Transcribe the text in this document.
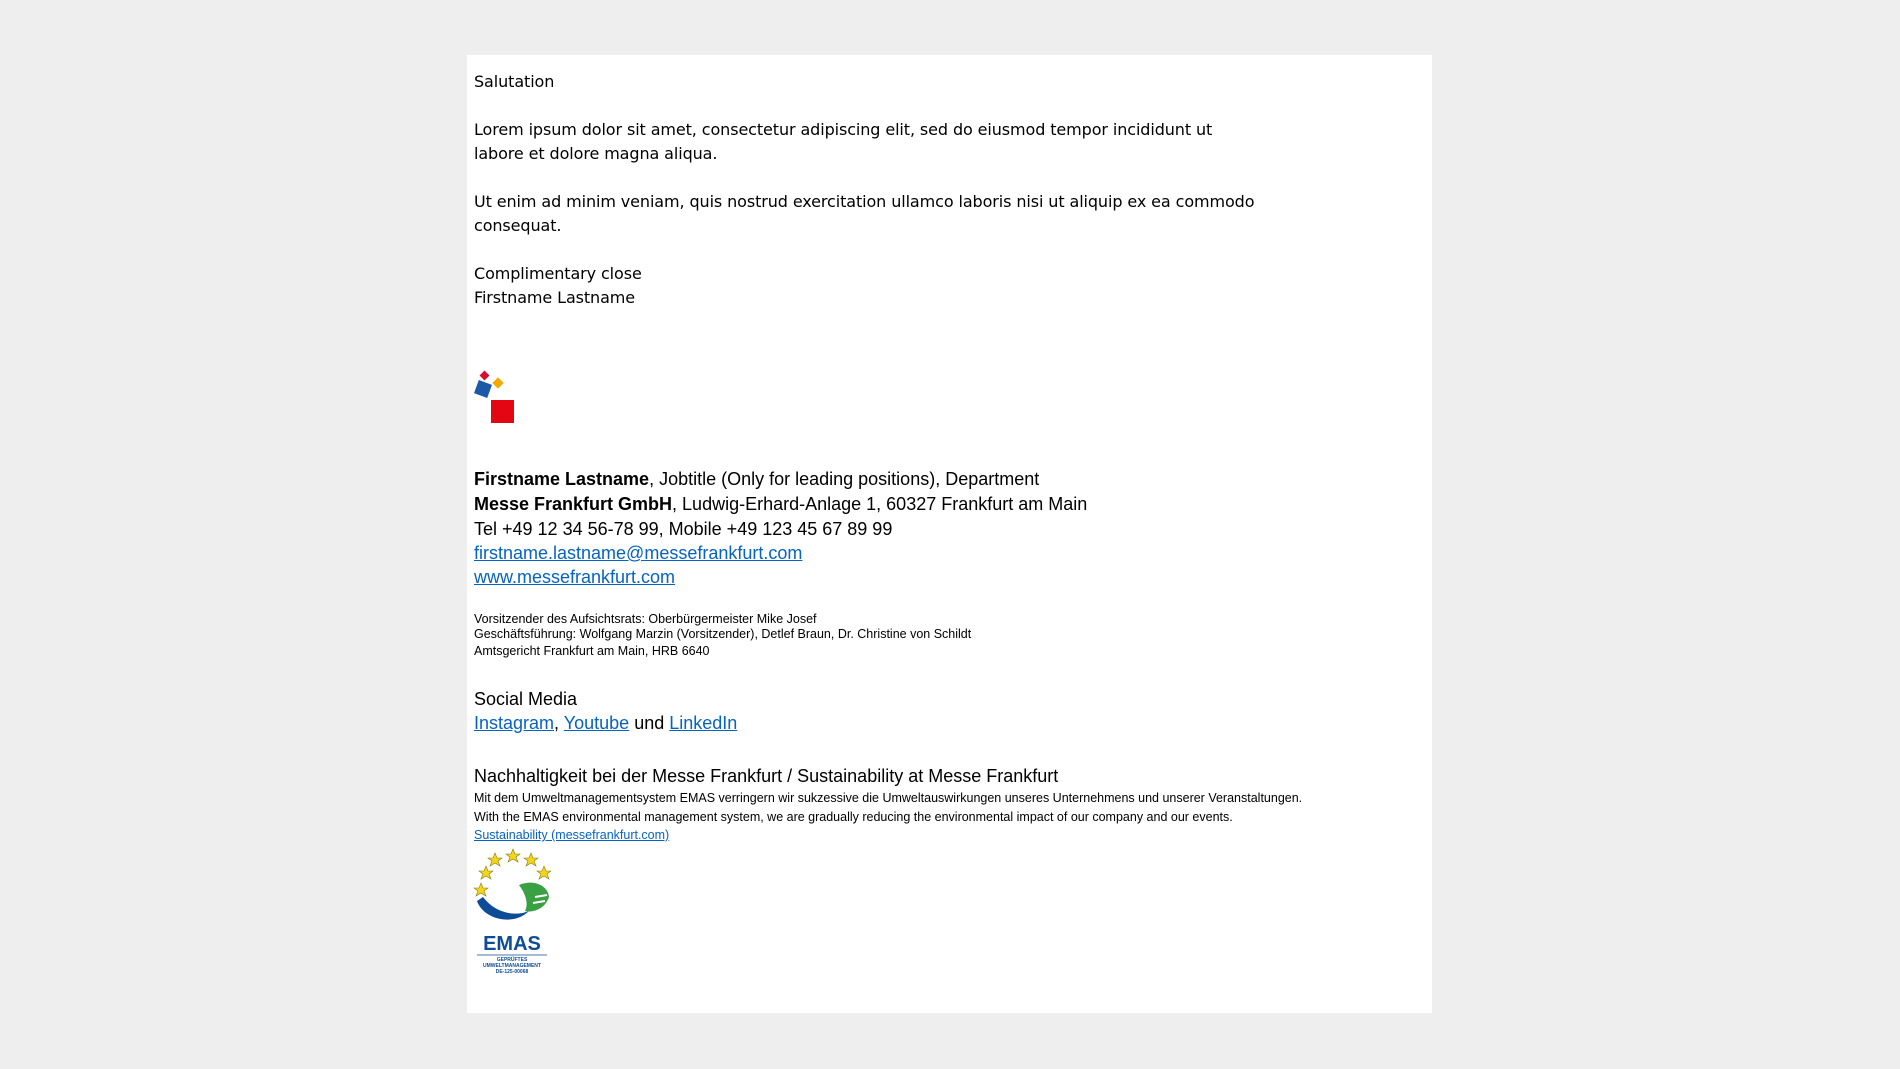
Salutation
Lorem ipsum dolor sit amet, consectetur adipiscing elit, sed do eiusmod tempor incididunt ut
labore et dolore magna aliqua.
Ut enim ad minim veniam, quis nostrud exercitation ullamco laboris nisi ut aliquip ex ea commodo
consequat.
Complimentary close
Firstname Lastname
Firstname Lastname, Jobtitle (Only for leading positions), Department
Messe Frankfurt GmbH, Ludwig-Erhard-Anlage 1, 60327 Frankfurt am Main
Tel +49 12 34 56-78 99, Mobile +49 123 45 67 89 99
firstname.lastname@messefrankfurt.com
www.messefrankfurt.com
Vorsitzender des Aufsichtsrats: Oberbürgermeister Mike Josef
Geschäftsführung: Wolfgang Marzin (Vorsitzender), Detlef Braun, Dr. Christine von Schildt
Amtsgericht Frankfurt am Main, HRB 6640
Social Media
Instagram, Youtube und LinkedIn
Nachhaltigkeit bei der Messe Frankfurt / Sustainability at Messe Frankfurt
Mit dem Umweltmanagementsystem EMAS verringern wir sukzessive die Umweltauswirkungen unseres Unternehmens und unserer Veranstaltungen.
With the EMAS environmental management system, we are gradually reducing the environmental impact of our company and our events.
Sustainability (messefrankfurt.com)
EMAS
GEPRÜFTES
UMWELTMANAGEMENT
DE-125-00068
